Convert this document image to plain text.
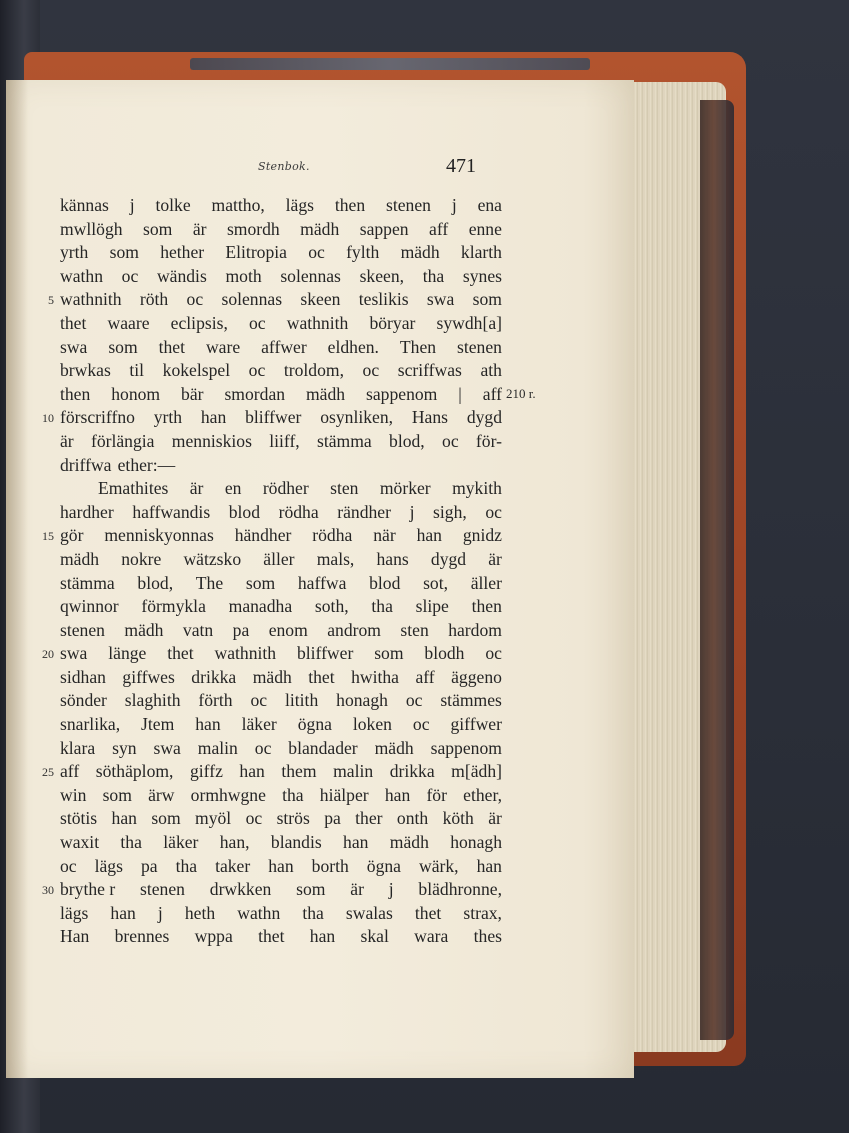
Stenbok.	471
210 r.
kännas j tolke mattho, lägs then stenen j ena
mwllögh som är smordh mädh sappen aff enne
yrth som hether Elitropia oc fylth mädh klarth
wathn oc wändis moth solennas skeen, tha synes
5 wathnith röth oc solennas skeen teslikis swa som
thet waare eclipsis, oc wathnith böryar sywdh[a]
swa som thet ware affwer eldhen. Then stenen
brwkas til kokelspel oc troldom, oc scriffwas ath
then honom bär smordan mädh sappenom | aff
10 förscriffno yrth han bliffwer osynliken, Hans dygd
är förlängia menniskios liiff, stämma blod, oc för-
driffwa ether:—
Emathites är en rödher sten mörker mykith
hardher haffwandis blod rödha rändher j sigh, oc
15 gör menniskyonnas händher rödha när han gnidz
mädh nokre wätzsko äller mals, hans dygd är
stämma blod, The som haffwa blod sot, äller
qwinnor förmykla manadha soth, tha slipe then
stenen mädh vatn pa enom androm sten hardom
20 swa länge thet wathnith bliffwer som blodh oc
sidhan giffwes drikka mädh thet hwitha aff äggeno
sönder slaghith förth oc litith honagh oc stämmes
snarlika, Jtem han läker ögna loken oc giffwer
klara syn swa malin oc blandader mädh sappenom
25 aff söthäplom, giffz han them malin drikka m[ädh]
win som ärw ormhwgne tha hiälper han för ether,
stötis han som myöl oc strös pa ther onth köth är
waxit tha läker han, blandis han mädh honagh
oc lägs pa tha taker han borth ögna wärk, han
30 brythe r stenen drwkken som är j blädhronne,
lägs han j heth wathn tha swalas thet strax,
Han brennes wppa thet han skal wara thes
